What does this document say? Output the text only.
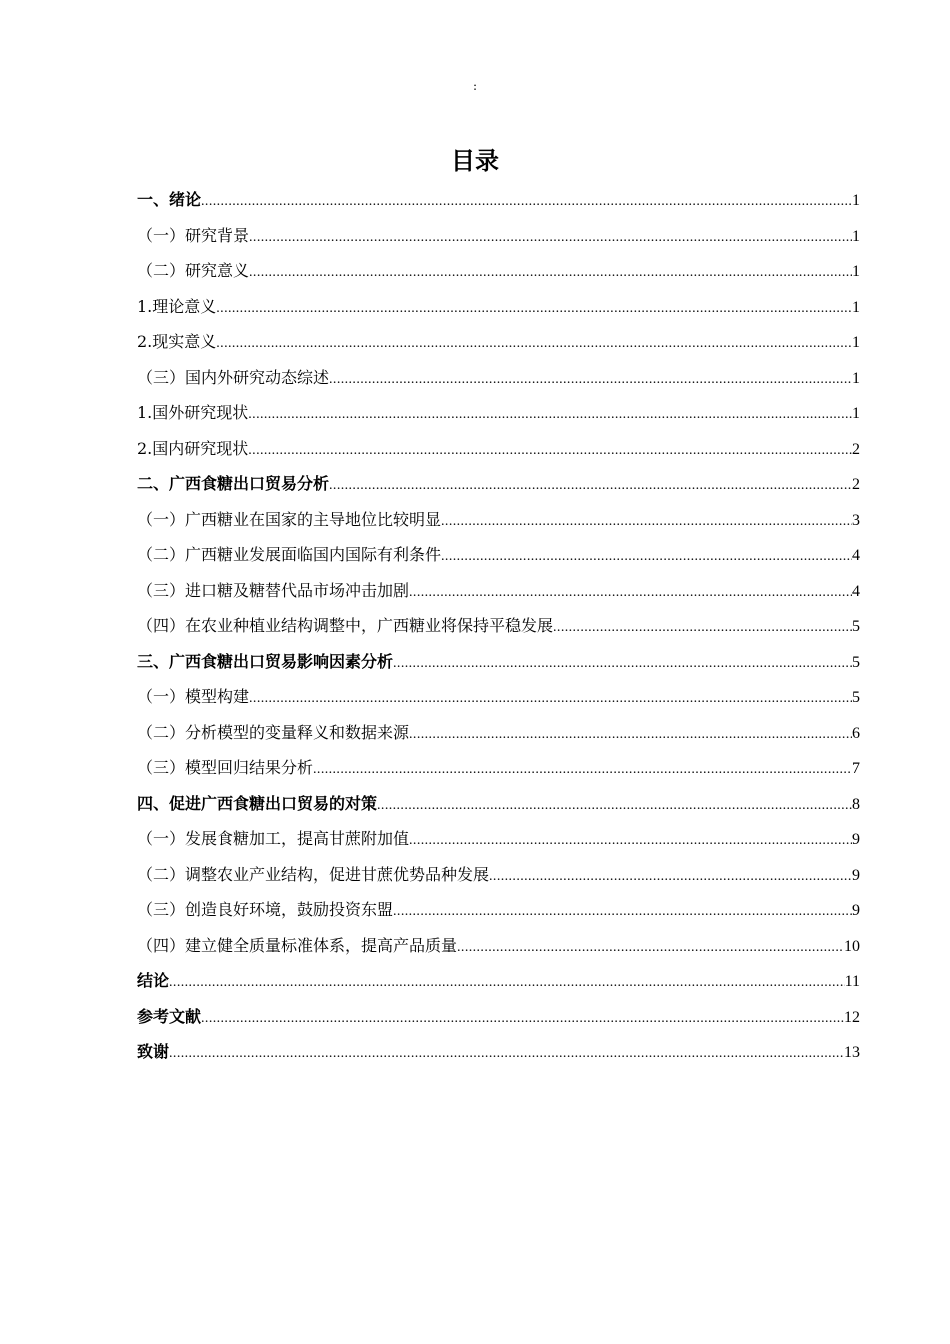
:
目录
一、绪论 .....	1
（一）研究背景 .....	1
（二）研究意义 .....	1
1.理论意义 .....	1
2.现实意义 .....	1
（三）国内外研究动态综述 .....	1
1.国外研究现状 .....	1
2.国内研究现状 .....	2
二、广西食糖出口贸易分析 .....	2
（一）广西糖业在国家的主导地位比较明显 .....	3
（二）广西糖业发展面临国内国际有利条件 .....	4
（三）进口糖及糖替代品市场冲击加剧 .....	4
（四）在农业种植业结构调整中，广西糖业将保持平稳发展 .....	5
三、广西食糖出口贸易影响因素分析 .....	5
（一）模型构建 .....	5
（二）分析模型的变量释义和数据来源 .....	6
（三）模型回归结果分析 .....	7
四、促进广西食糖出口贸易的对策 .....	8
（一）发展食糖加工，提高甘蔗附加值 .....	9
（二）调整农业产业结构，促进甘蔗优势品种发展 .....	9
（三）创造良好环境，鼓励投资东盟 .....	9
（四）建立健全质量标准体系，提高产品质量 .....	10
结论 .....	11
参考文献 .....	12
致谢 .....	13
